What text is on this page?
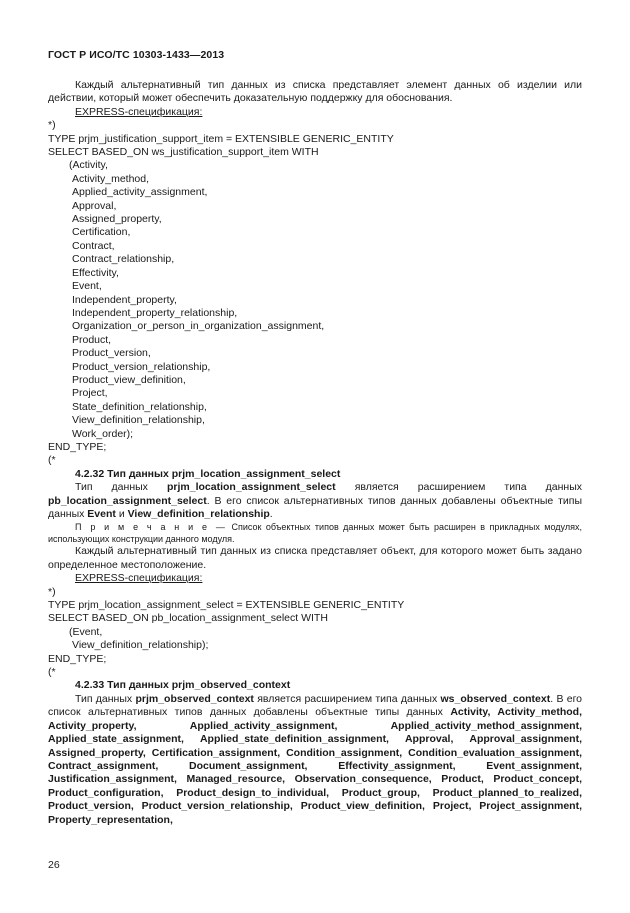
ГОСТ Р ИСО/ТС 10303-1433—2013

Каждый альтернативный тип данных из списка представляет элемент данных об изделии или действии, который может обеспечить доказательную поддержку для обоснования.

EXPRESS-спецификация:

*)
TYPE prjm_justification_support_item = EXTENSIBLE GENERIC_ENTITY
SELECT BASED_ON ws_justification_support_item WITH
(Activity,
Activity_method,
Applied_activity_assignment,
Approval,
Assigned_property,
Certification,
Contract,
Contract_relationship,
Effectivity,
Event,
Independent_property,
Independent_property_relationship,
Organization_or_person_in_organization_assignment,
Product,
Product_version,
Product_version_relationship,
Product_view_definition,
Project,
State_definition_relationship,
View_definition_relationship,
Work_order);
END_TYPE;
(*

4.2.32 Тип данных prjm_location_assignment_select

Тип данных prjm_location_assignment_select является расширением типа данных pb_location_assignment_select. В его список альтернативных типов данных добавлены объектные типы данных Event и View_definition_relationship.

П р и м е ч а н и е — Список объектных типов данных может быть расширен в прикладных модулях, использующих конструкции данного модуля.

Каждый альтернативный тип данных из списка представляет объект, для которого может быть задано определенное местоположение.

EXPRESS-спецификация:

*)
TYPE prjm_location_assignment_select = EXTENSIBLE GENERIC_ENTITY
SELECT BASED_ON pb_location_assignment_select WITH
(Event,
View_definition_relationship);
END_TYPE;
(*

4.2.33 Тип данных prjm_observed_context

Тип данных prjm_observed_context является расширением типа данных ws_observed_context. В его список альтернативных типов данных добавлены объектные типы данных Activity, Activity_method, Activity_property, Applied_activity_assignment, Applied_activity_method_assignment, Applied_state_assignment, Applied_state_definition_assignment, Approval, Approval_assignment, Assigned_property, Certification_assignment, Condition_assignment, Condition_evaluation_assignment, Contract_assignment, Document_assignment, Effectivity_assignment, Event_assignment, Justification_assignment, Managed_resource, Observation_consequence, Product, Product_concept, Product_configuration, Product_design_to_individual, Product_group, Product_planned_to_realized, Product_version, Product_version_relationship, Product_view_definition, Project, Project_assignment, Property_representation,

26
